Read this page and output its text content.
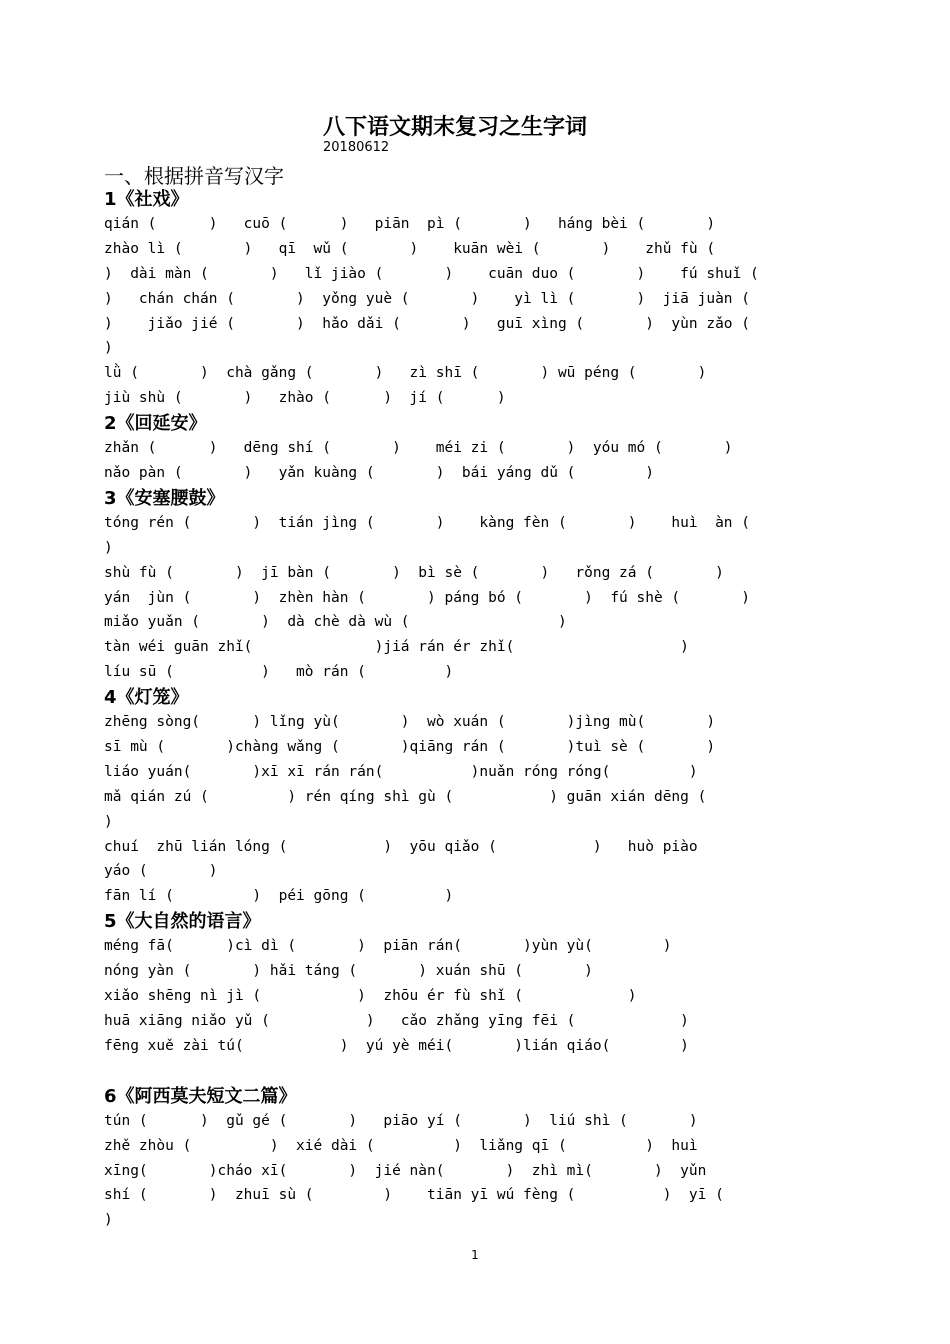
八下语文期末复习之生字词
20180612
一、根据拼音写汉字
1《社戏》
qián (      )   cuō (      )   piān  pì (       )   háng bèi (       )
zhào lì (       )   qī  wǔ (       )    kuān wèi (       )    zhǔ fù (
)  dài màn (       )   lǐ jiào (       )    cuān duo (       )    fú shuǐ (
)   chán chán (       )  yǒng yuè (       )    yì lì (       )  jiā juàn (
)    jiǎo jié (       )  hǎo dǎi (       )   guī xìng (       )  yùn zǎo (
)
lǜ (       )  chà gǎng (       )   zì shī (       ) wū péng (       )
jiù shù (       )   zhào (      )  jí (      )
2《回延安》
zhǎn (      )   dēng shí (       )    méi zi (       )  yóu mó (       )
nǎo pàn (       )   yǎn kuàng (       )  bái yáng dǔ (        )
3《安塞腰鼓》
tóng rén (       )  tián jìng (       )    kàng fèn (       )    huì  àn (
)
shù fù (       )  jī bàn (       )  bì sè (       )   rǒng zá (       )
yán  jùn (       )  zhèn hàn (       ) páng bó (       )  fú shè (       )
miǎo yuǎn (       )  dà chè dà wù (                 )
tàn wéi guān zhǐ(              )jiá rán ér zhǐ(                   )
líu sū (          )   mò rán (         )
4《灯笼》
zhēng sòng(      ) lǐng yù(       )  wò xuán (       )jìng mù(       )
sī mù (       )chàng wǎng (       )qiāng rán (       )tuì sè (       )
liáo yuán(       )xī xī rán rán(          )nuǎn róng róng(         )
mǎ qián zú (         ) rén qíng shì gù (           ) guān xián dēng (
)
chuí  zhū lián lóng (           )  yōu qiǎo (           )   huò piào
yáo (       )
fān lí (         )  péi gōng (         )
5《大自然的语言》
méng fā(      )cì dì (       )  piān rán(       )yùn yù(        )
nóng yàn (       ) hǎi táng (       ) xuán shū (       )
xiǎo shēng nì jì (           )  zhōu ér fù shǐ (            )
huā xiāng niǎo yǔ (           )   cǎo zhǎng yīng fēi (            )
fēng xuě zài tú(           )  yú yè méi(       )lián qiáo(        )
6《阿西莫夫短文二篇》
tún (      )  gǔ gé (       )   piāo yí (       )  liú shì (       )
zhě zhòu (         )  xié dài (         )  liǎng qī (         )  huì
xīng(       )cháo xī(       )  jié nàn(       )  zhì mì(       )  yǔn
shí (       )  zhuī sù (        )    tiān yī wú fèng (          )  yī (
)
1
